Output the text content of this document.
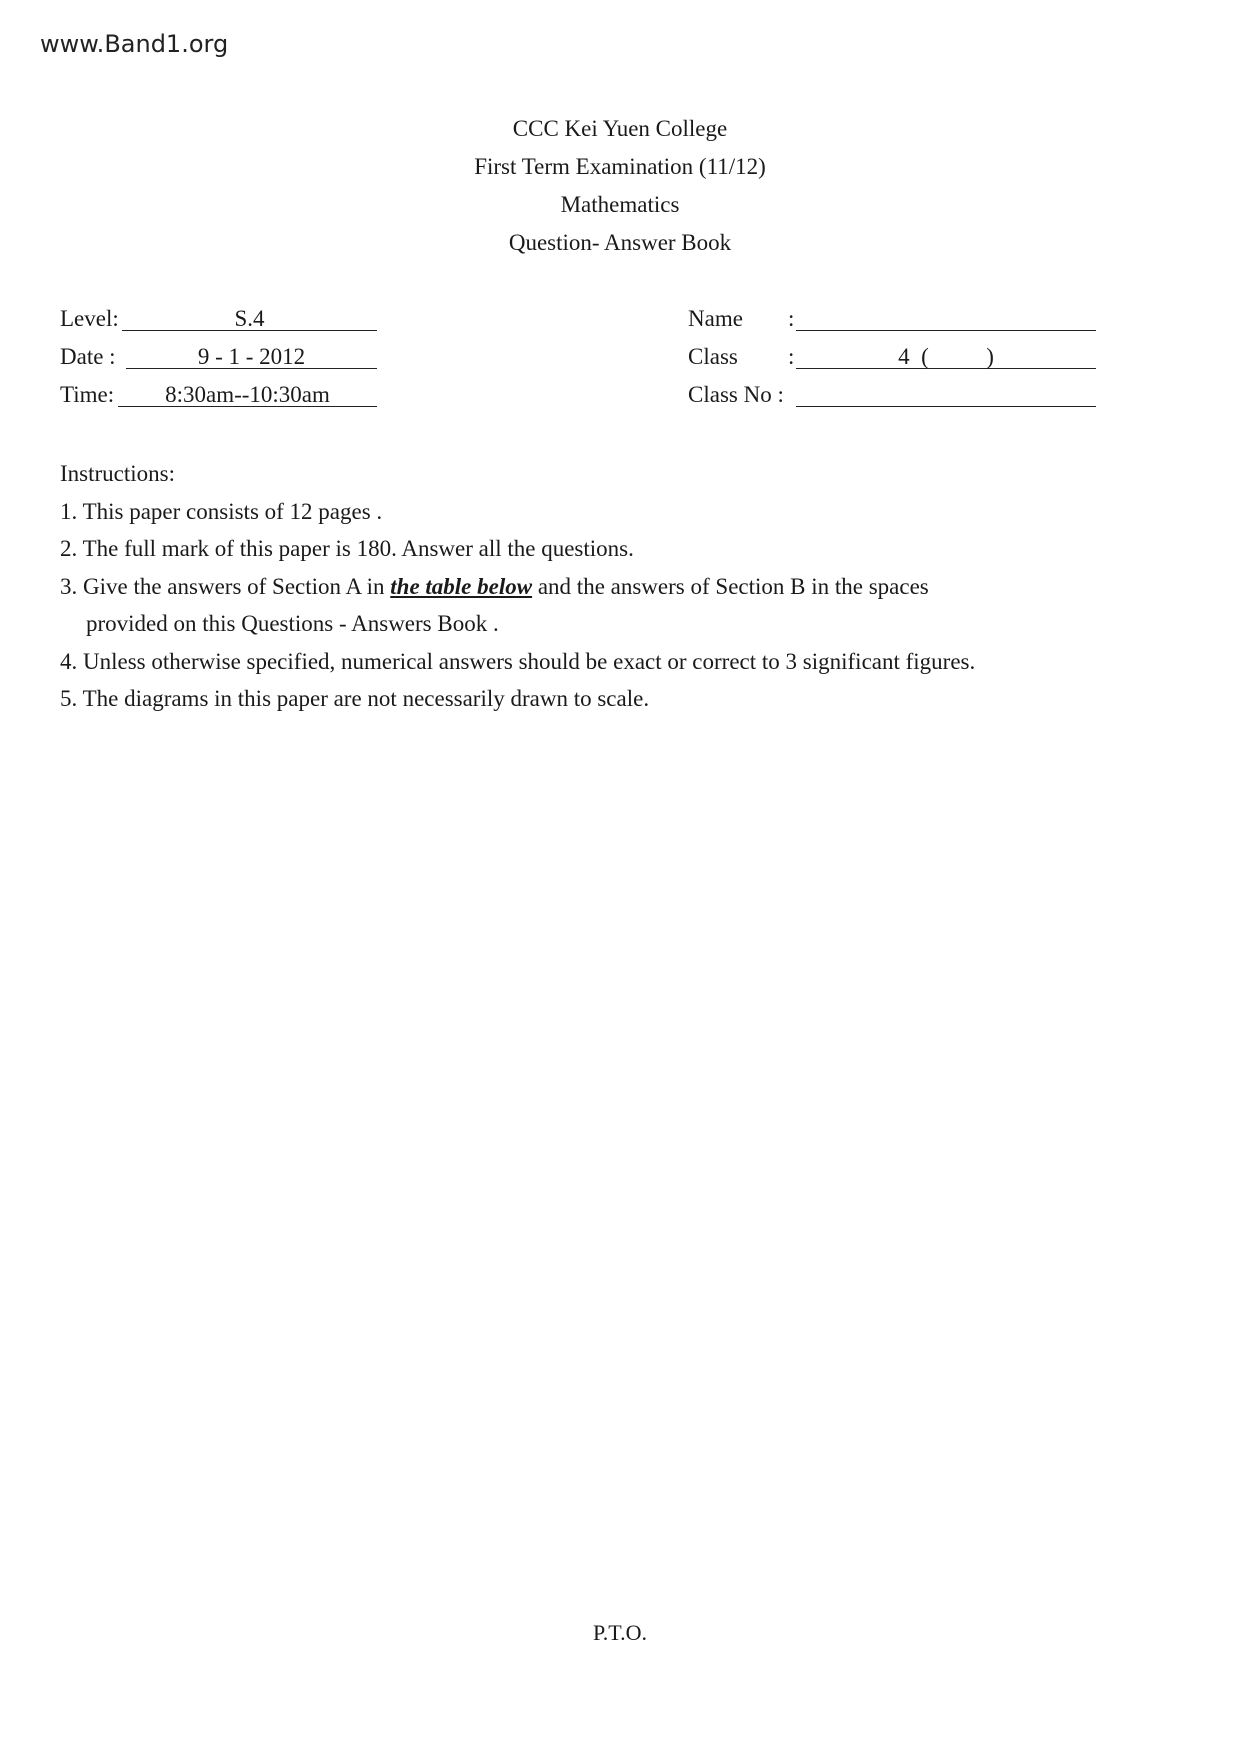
www.Band1.org
CCC Kei Yuen College
First Term Examination (11/12)
Mathematics
Question- Answer Book
Level:	S.4
Date :	9 - 1 - 2012
Time:	8:30am--10:30am
Name :
Class :	4  (          )
Class No :
Instructions:
1. This paper consists of 12 pages .
2. The full mark of this paper is 180. Answer all the questions.
3. Give the answers of Section A in the table below and the answers of Section B in the spaces
provided on this Questions - Answers Book .
4. Unless otherwise specified, numerical answers should be exact or correct to 3 significant figures.
5. The diagrams in this paper are not necessarily drawn to scale.
P.T.O.
